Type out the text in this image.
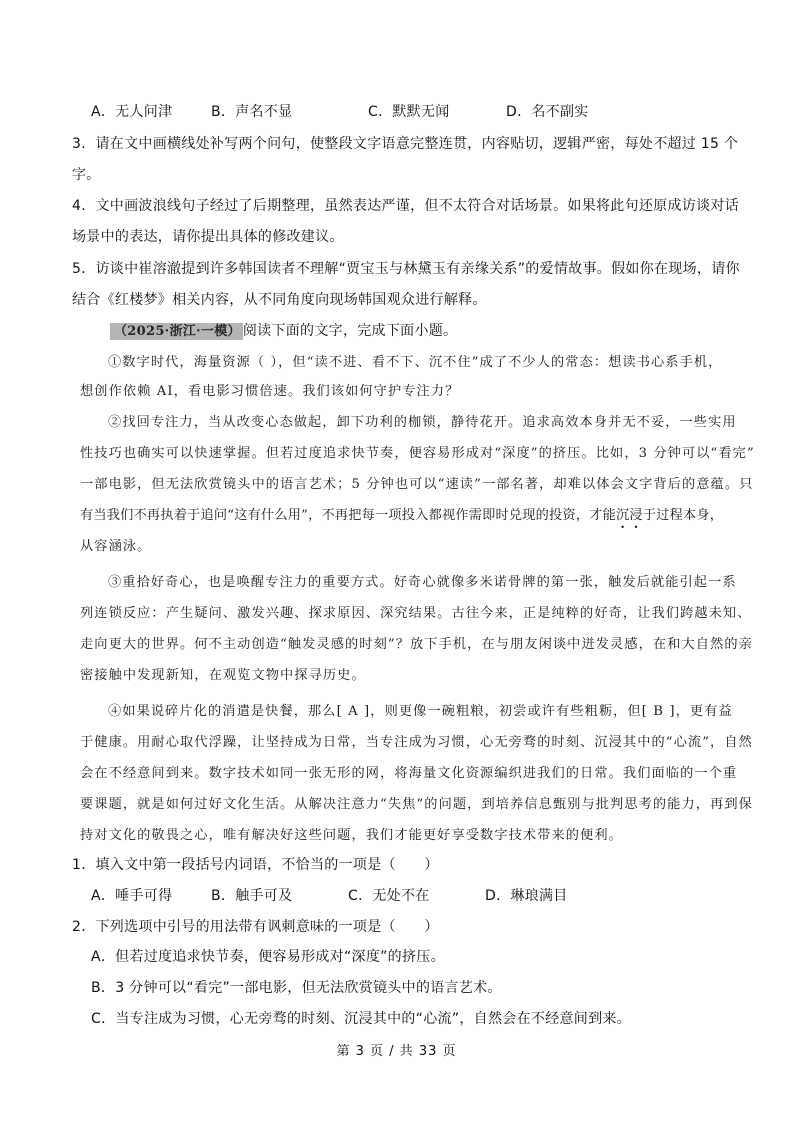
A．无人问津	B．声名不显	C．默默无闻	D．名不副实
3．请在文中画横线处补写两个问句，使整段文字语意完整连贯，内容贴切，逻辑严密，每处不超过 15 个
字。
4．文中画波浪线句子经过了后期整理，虽然表达严谨，但不太符合对话场景。如果将此句还原成访谈对话
场景中的表达，请你提出具体的修改建议。
5．访谈中崔溶澈提到许多韩国读者不理解“贾宝玉与林黛玉有亲缘关系”的爱情故事。假如你在现场，请你
结合《红楼梦》相关内容，从不同角度向现场韩国观众进行解释。
（2025·浙江·一模） 阅读下面的文字，完成下面小题。
①数字时代，海量资源（ ），但“读不进、看不下、沉不住”成了不少人的常态：想读书心系手机，
想创作依赖 AI，看电影习惯倍速。我们该如何守护专注力？
②找回专注力，当从改变心态做起，卸下功利的枷锁，静待花开。追求高效本身并无不妥，一些实用
性技巧也确实可以快速掌握。但若过度追求快节奏，便容易形成对“深度”的挤压。比如，3 分钟可以“看完”
一部电影，但无法欣赏镜头中的语言艺术；5 分钟也可以“速读”一部名著，却难以体会文字背后的意蕴。只
有当我们不再执着于追问“这有什么用”，不再把每一项投入都视作需即时兑现的投资，才能沉浸于过程本身，
从容涵泳。
③重拾好奇心，也是唤醒专注力的重要方式。好奇心就像多米诺骨牌的第一张，触发后就能引起一系
列连锁反应：产生疑问、激发兴趣、探求原因、深究结果。古往今来，正是纯粹的好奇，让我们跨越未知、
走向更大的世界。何不主动创造“触发灵感的时刻”？放下手机，在与朋友闲谈中迸发灵感，在和大自然的亲
密接触中发现新知，在观览文物中探寻历史。
④如果说碎片化的消遣是快餐，那么[ A ]，则更像一碗粗粮，初尝或许有些粗粝，但[ B ]，更有益
于健康。用耐心取代浮躁，让坚持成为日常，当专注成为习惯，心无旁骛的时刻、沉浸其中的“心流”，自然
会在不经意间到来。数字技术如同一张无形的网，将海量文化资源编织进我们的日常。我们面临的一个重
要课题，就是如何过好文化生活。从解决注意力“失焦”的问题，到培养信息甄别与批判思考的能力，再到保
持对文化的敬畏之心，唯有解决好这些问题，我们才能更好享受数字技术带来的便利。
1．填入文中第一段括号内词语，不恰当的一项是（　　）
A．唾手可得	B．触手可及	C．无处不在	D．琳琅满目
2．下列选项中引号的用法带有讽刺意味的一项是（　　）
A．但若过度追求快节奏，便容易形成对“深度”的挤压。
B．3 分钟可以“看完”一部电影，但无法欣赏镜头中的语言艺术。
C．当专注成为习惯，心无旁骛的时刻、沉浸其中的“心流”，自然会在不经意间到来。
第 3 页 / 共 33 页
